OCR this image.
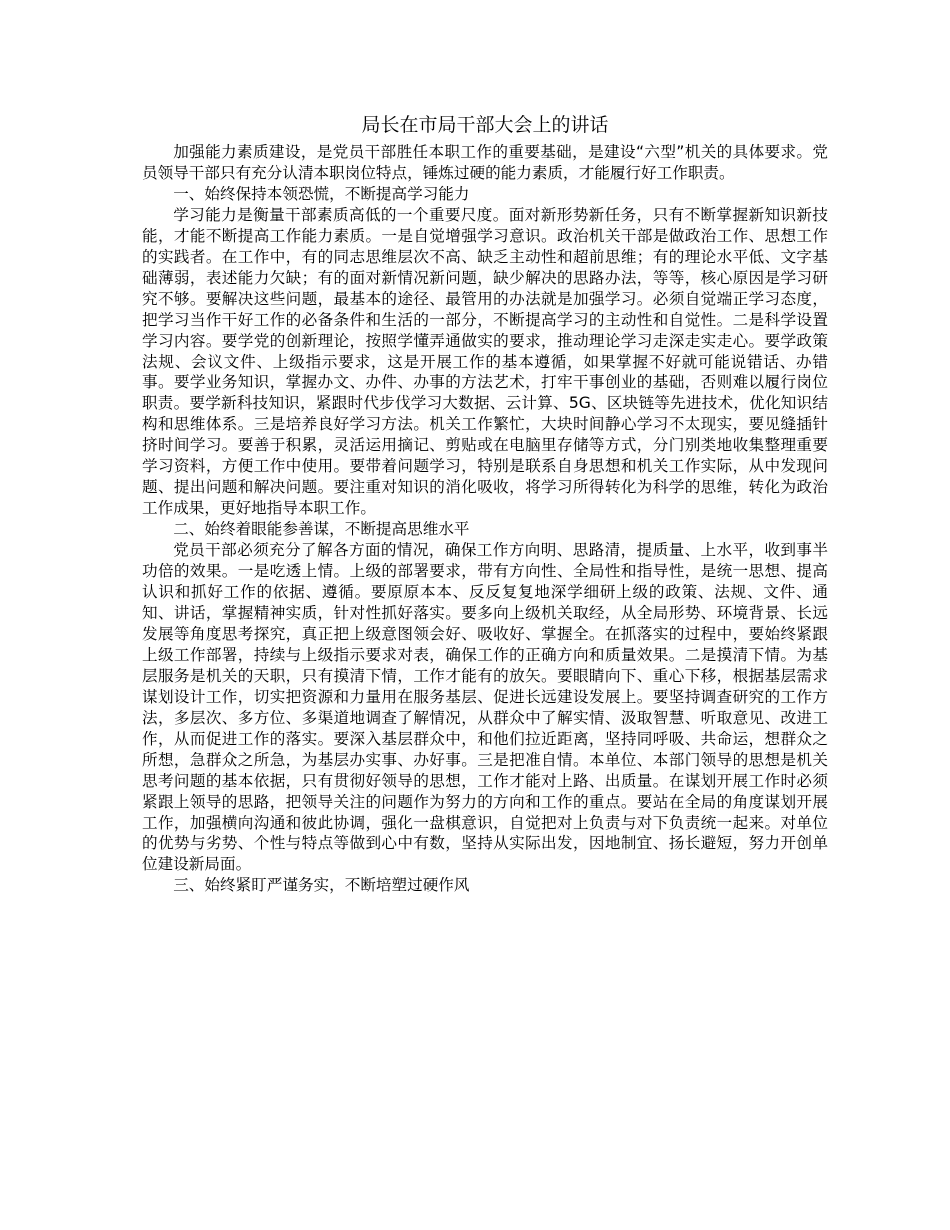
局长在市局干部大会上的讲话

加强能力素质建设，是党员干部胜任本职工作的重要基础，是建设“六型”机关的具体要求。党员领导干部只有充分认清本职岗位特点，锤炼过硬的能力素质，才能履行好工作职责。

一、始终保持本领恐慌，不断提高学习能力

学习能力是衡量干部素质高低的一个重要尺度。面对新形势新任务，只有不断掌握新知识新技能，才能不断提高工作能力素质。一是自觉增强学习意识。政治机关干部是做政治工作、思想工作的实践者。在工作中，有的同志思维层次不高、缺乏主动性和超前思维；有的理论水平低、文字基础薄弱，表述能力欠缺；有的面对新情况新问题，缺少解决的思路办法，等等，核心原因是学习研究不够。要解决这些问题，最基本的途径、最管用的办法就是加强学习。必须自觉端正学习态度，把学习当作干好工作的必备条件和生活的一部分，不断提高学习的主动性和自觉性。二是科学设置学习内容。要学党的创新理论，按照学懂弄通做实的要求，推动理论学习走深走实走心。要学政策法规、会议文件、上级指示要求，这是开展工作的基本遵循，如果掌握不好就可能说错话、办错事。要学业务知识，掌握办文、办件、办事的方法艺术，打牢干事创业的基础，否则难以履行岗位职责。要学新科技知识，紧跟时代步伐学习大数据、云计算、5G、区块链等先进技术，优化知识结构和思维体系。三是培养良好学习方法。机关工作繁忙，大块时间静心学习不太现实，要见缝插针挤时间学习。要善于积累，灵活运用摘记、剪贴或在电脑里存储等方式，分门别类地收集整理重要学习资料，方便工作中使用。要带着问题学习，特别是联系自身思想和机关工作实际，从中发现问题、提出问题和解决问题。要注重对知识的消化吸收，将学习所得转化为科学的思维，转化为政治工作成果，更好地指导本职工作。

二、始终着眼能参善谋，不断提高思维水平

党员干部必须充分了解各方面的情况，确保工作方向明、思路清，提质量、上水平，收到事半功倍的效果。一是吃透上情。上级的部署要求，带有方向性、全局性和指导性，是统一思想、提高认识和抓好工作的依据、遵循。要原原本本、反反复复地深学细研上级的政策、法规、文件、通知、讲话，掌握精神实质，针对性抓好落实。要多向上级机关取经，从全局形势、环境背景、长远发展等角度思考探究，真正把上级意图领会好、吸收好、掌握全。在抓落实的过程中，要始终紧跟上级工作部署，持续与上级指示要求对表，确保工作的正确方向和质量效果。二是摸清下情。为基层服务是机关的天职，只有摸清下情，工作才能有的放矢。要眼睛向下、重心下移，根据基层需求谋划设计工作，切实把资源和力量用在服务基层、促进长远建设发展上。要坚持调查研究的工作方法，多层次、多方位、多渠道地调查了解情况，从群众中了解实情、汲取智慧、听取意见、改进工作，从而促进工作的落实。要深入基层群众中，和他们拉近距离，坚持同呼吸、共命运，想群众之所想，急群众之所急，为基层办实事、办好事。三是把准自情。本单位、本部门领导的思想是机关思考问题的基本依据，只有贯彻好领导的思想，工作才能对上路、出质量。在谋划开展工作时必须紧跟上领导的思路，把领导关注的问题作为努力的方向和工作的重点。要站在全局的角度谋划开展工作，加强横向沟通和彼此协调，强化一盘棋意识，自觉把对上负责与对下负责统一起来。对单位的优势与劣势、个性与特点等做到心中有数，坚持从实际出发，因地制宜、扬长避短，努力开创单位建设新局面。

三、始终紧盯严谨务实，不断培塑过硬作风
